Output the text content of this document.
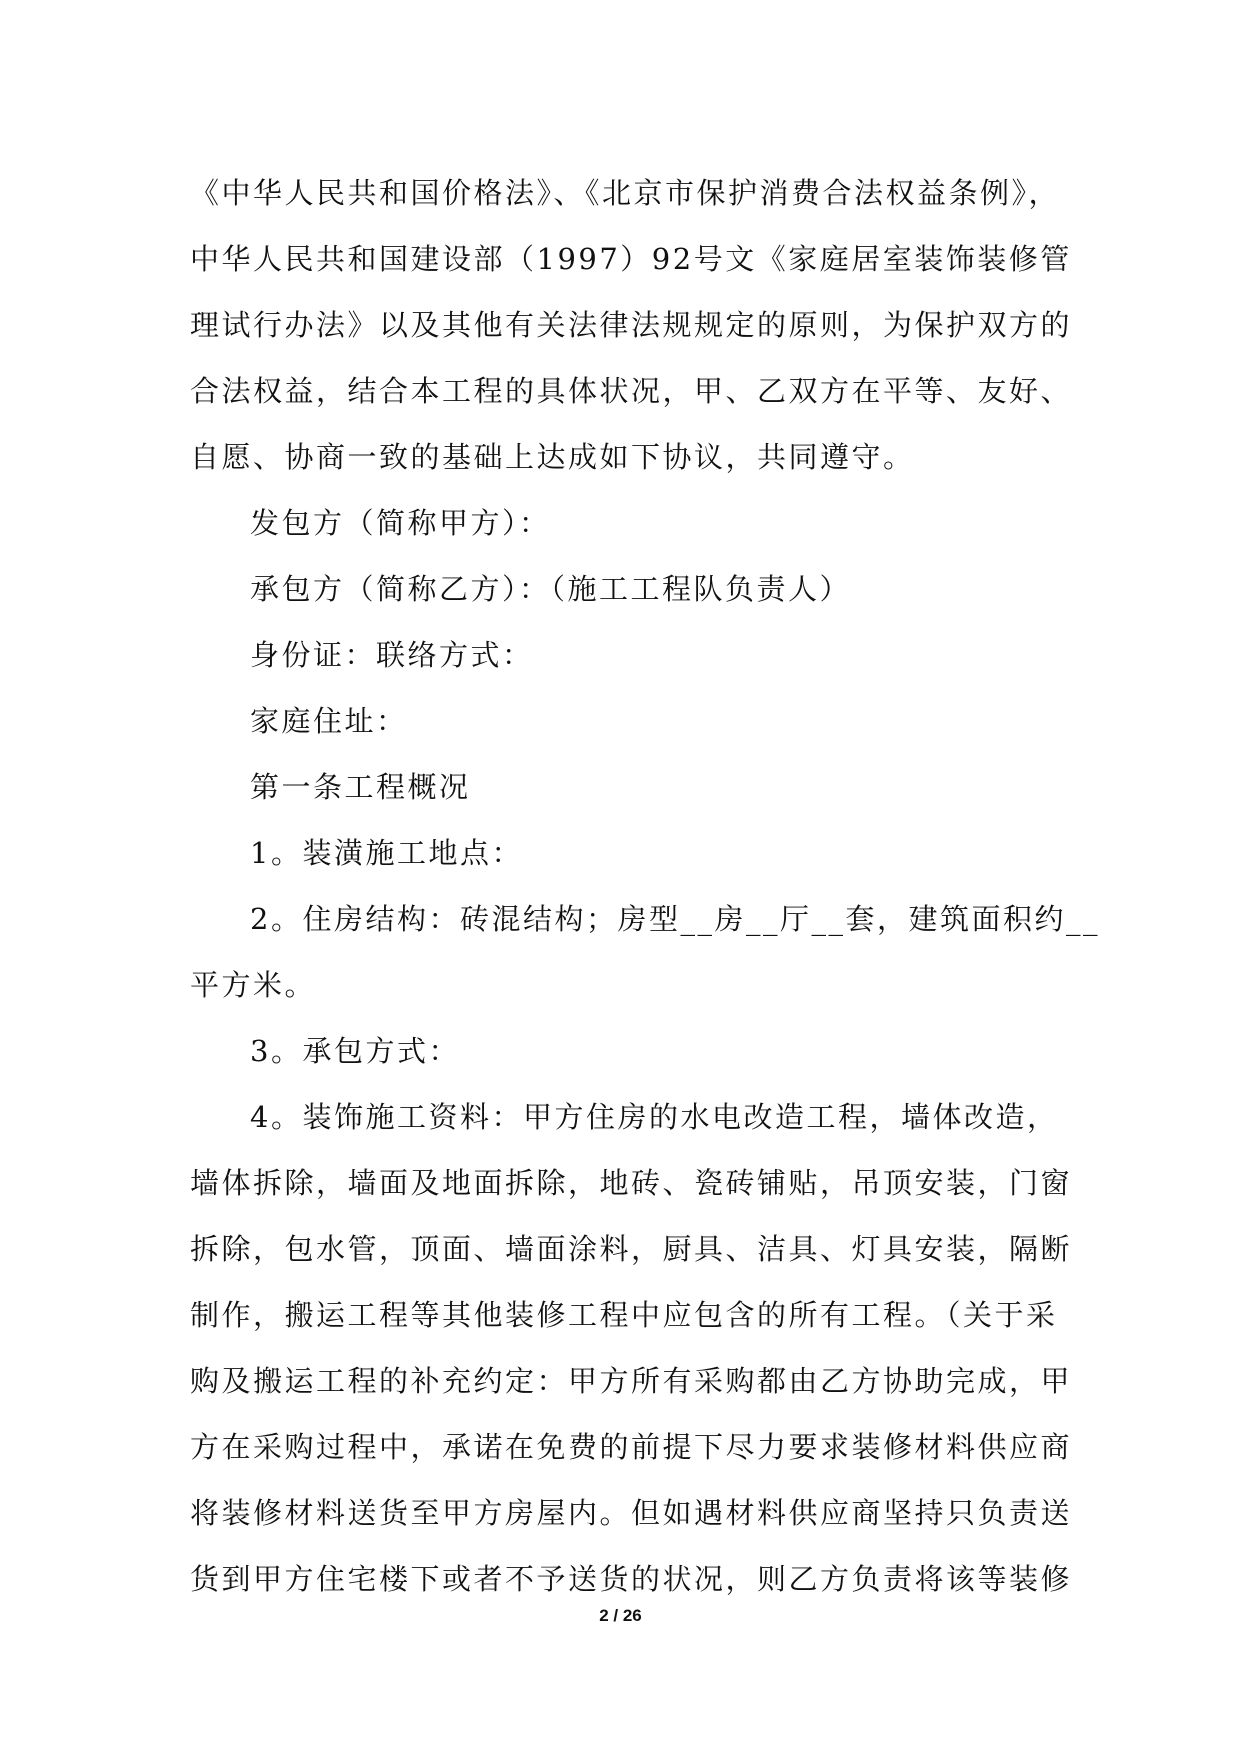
《中华人民共和国价格法》、《北京市保护消费合法权益条例》，
中华人民共和国建设部（1997）92号文《家庭居室装饰装修管
理试行办法》以及其他有关法律法规规定的原则，为保护双方的
合法权益，结合本工程的具体状况，甲、乙双方在平等、友好、
自愿、协商一致的基础上达成如下协议，共同遵守。
发包方（简称甲方）：
承包方（简称乙方）：（施工工程队负责人）
身份证：联络方式：
家庭住址：
第一条工程概况
1。装潢施工地点：
2。住房结构：砖混结构；房型__房__厅__套，建筑面积约__
平方米。
3。承包方式：
4。装饰施工资料：甲方住房的水电改造工程，墙体改造，
墙体拆除，墙面及地面拆除，地砖、瓷砖铺贴，吊顶安装，门窗
拆除，包水管，顶面、墙面涂料，厨具、洁具、灯具安装，隔断
制作，搬运工程等其他装修工程中应包含的所有工程。（关于采
购及搬运工程的补充约定：甲方所有采购都由乙方协助完成，甲
方在采购过程中，承诺在免费的前提下尽力要求装修材料供应商
将装修材料送货至甲方房屋内。但如遇材料供应商坚持只负责送
货到甲方住宅楼下或者不予送货的状况，则乙方负责将该等装修
2 / 26
